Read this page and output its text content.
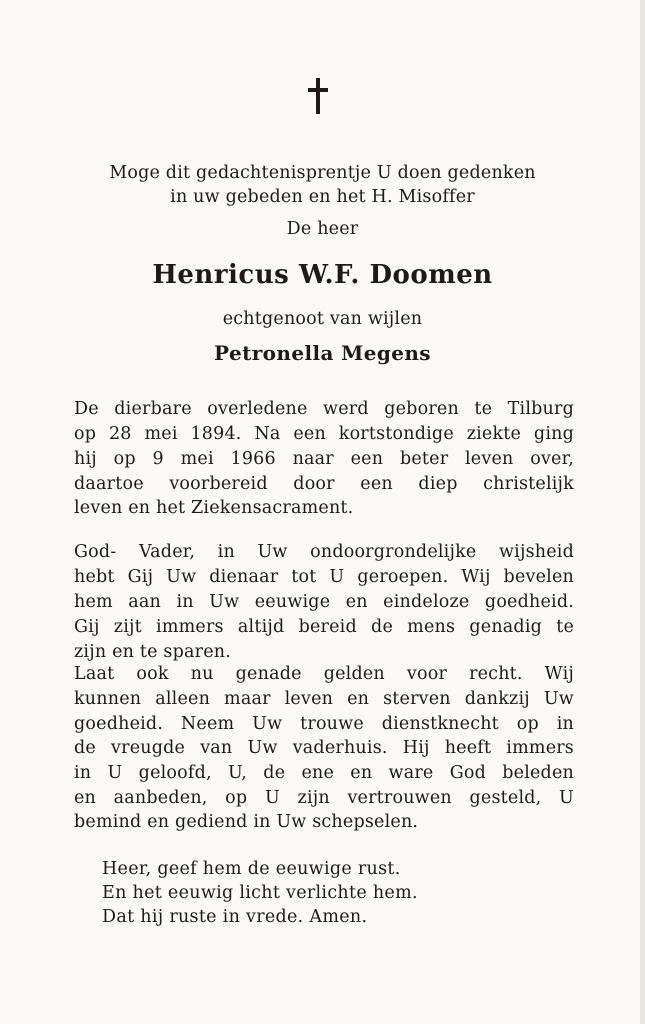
Moge dit gedachtenisprentje U doen gedenken
in uw gebeden en het H. Misoffer
De heer
Henricus W.F. Doomen
echtgenoot van wijlen
Petronella Megens
De dierbare overledene werd geboren te Tilburg
op 28 mei 1894. Na een kortstondige ziekte ging
hij op 9 mei 1966 naar een beter leven over,
daartoe voorbereid door een diep christelijk
leven en het Ziekensacrament.
God- Vader, in Uw ondoorgrondelijke wijsheid
hebt Gij Uw dienaar tot U geroepen. Wij bevelen
hem aan in Uw eeuwige en eindeloze goedheid.
Gij zijt immers altijd bereid de mens genadig te
zijn en te sparen.
Laat ook nu genade gelden voor recht. Wij
kunnen alleen maar leven en sterven dankzij Uw
goedheid. Neem Uw trouwe dienstknecht op in
de vreugde van Uw vaderhuis. Hij heeft immers
in U geloofd, U, de ene en ware God beleden
en aanbeden, op U zijn vertrouwen gesteld, U
bemind en gediend in Uw schepselen.
Heer, geef hem de eeuwige rust.
En het eeuwig licht verlichte hem.
Dat hij ruste in vrede. Amen.
